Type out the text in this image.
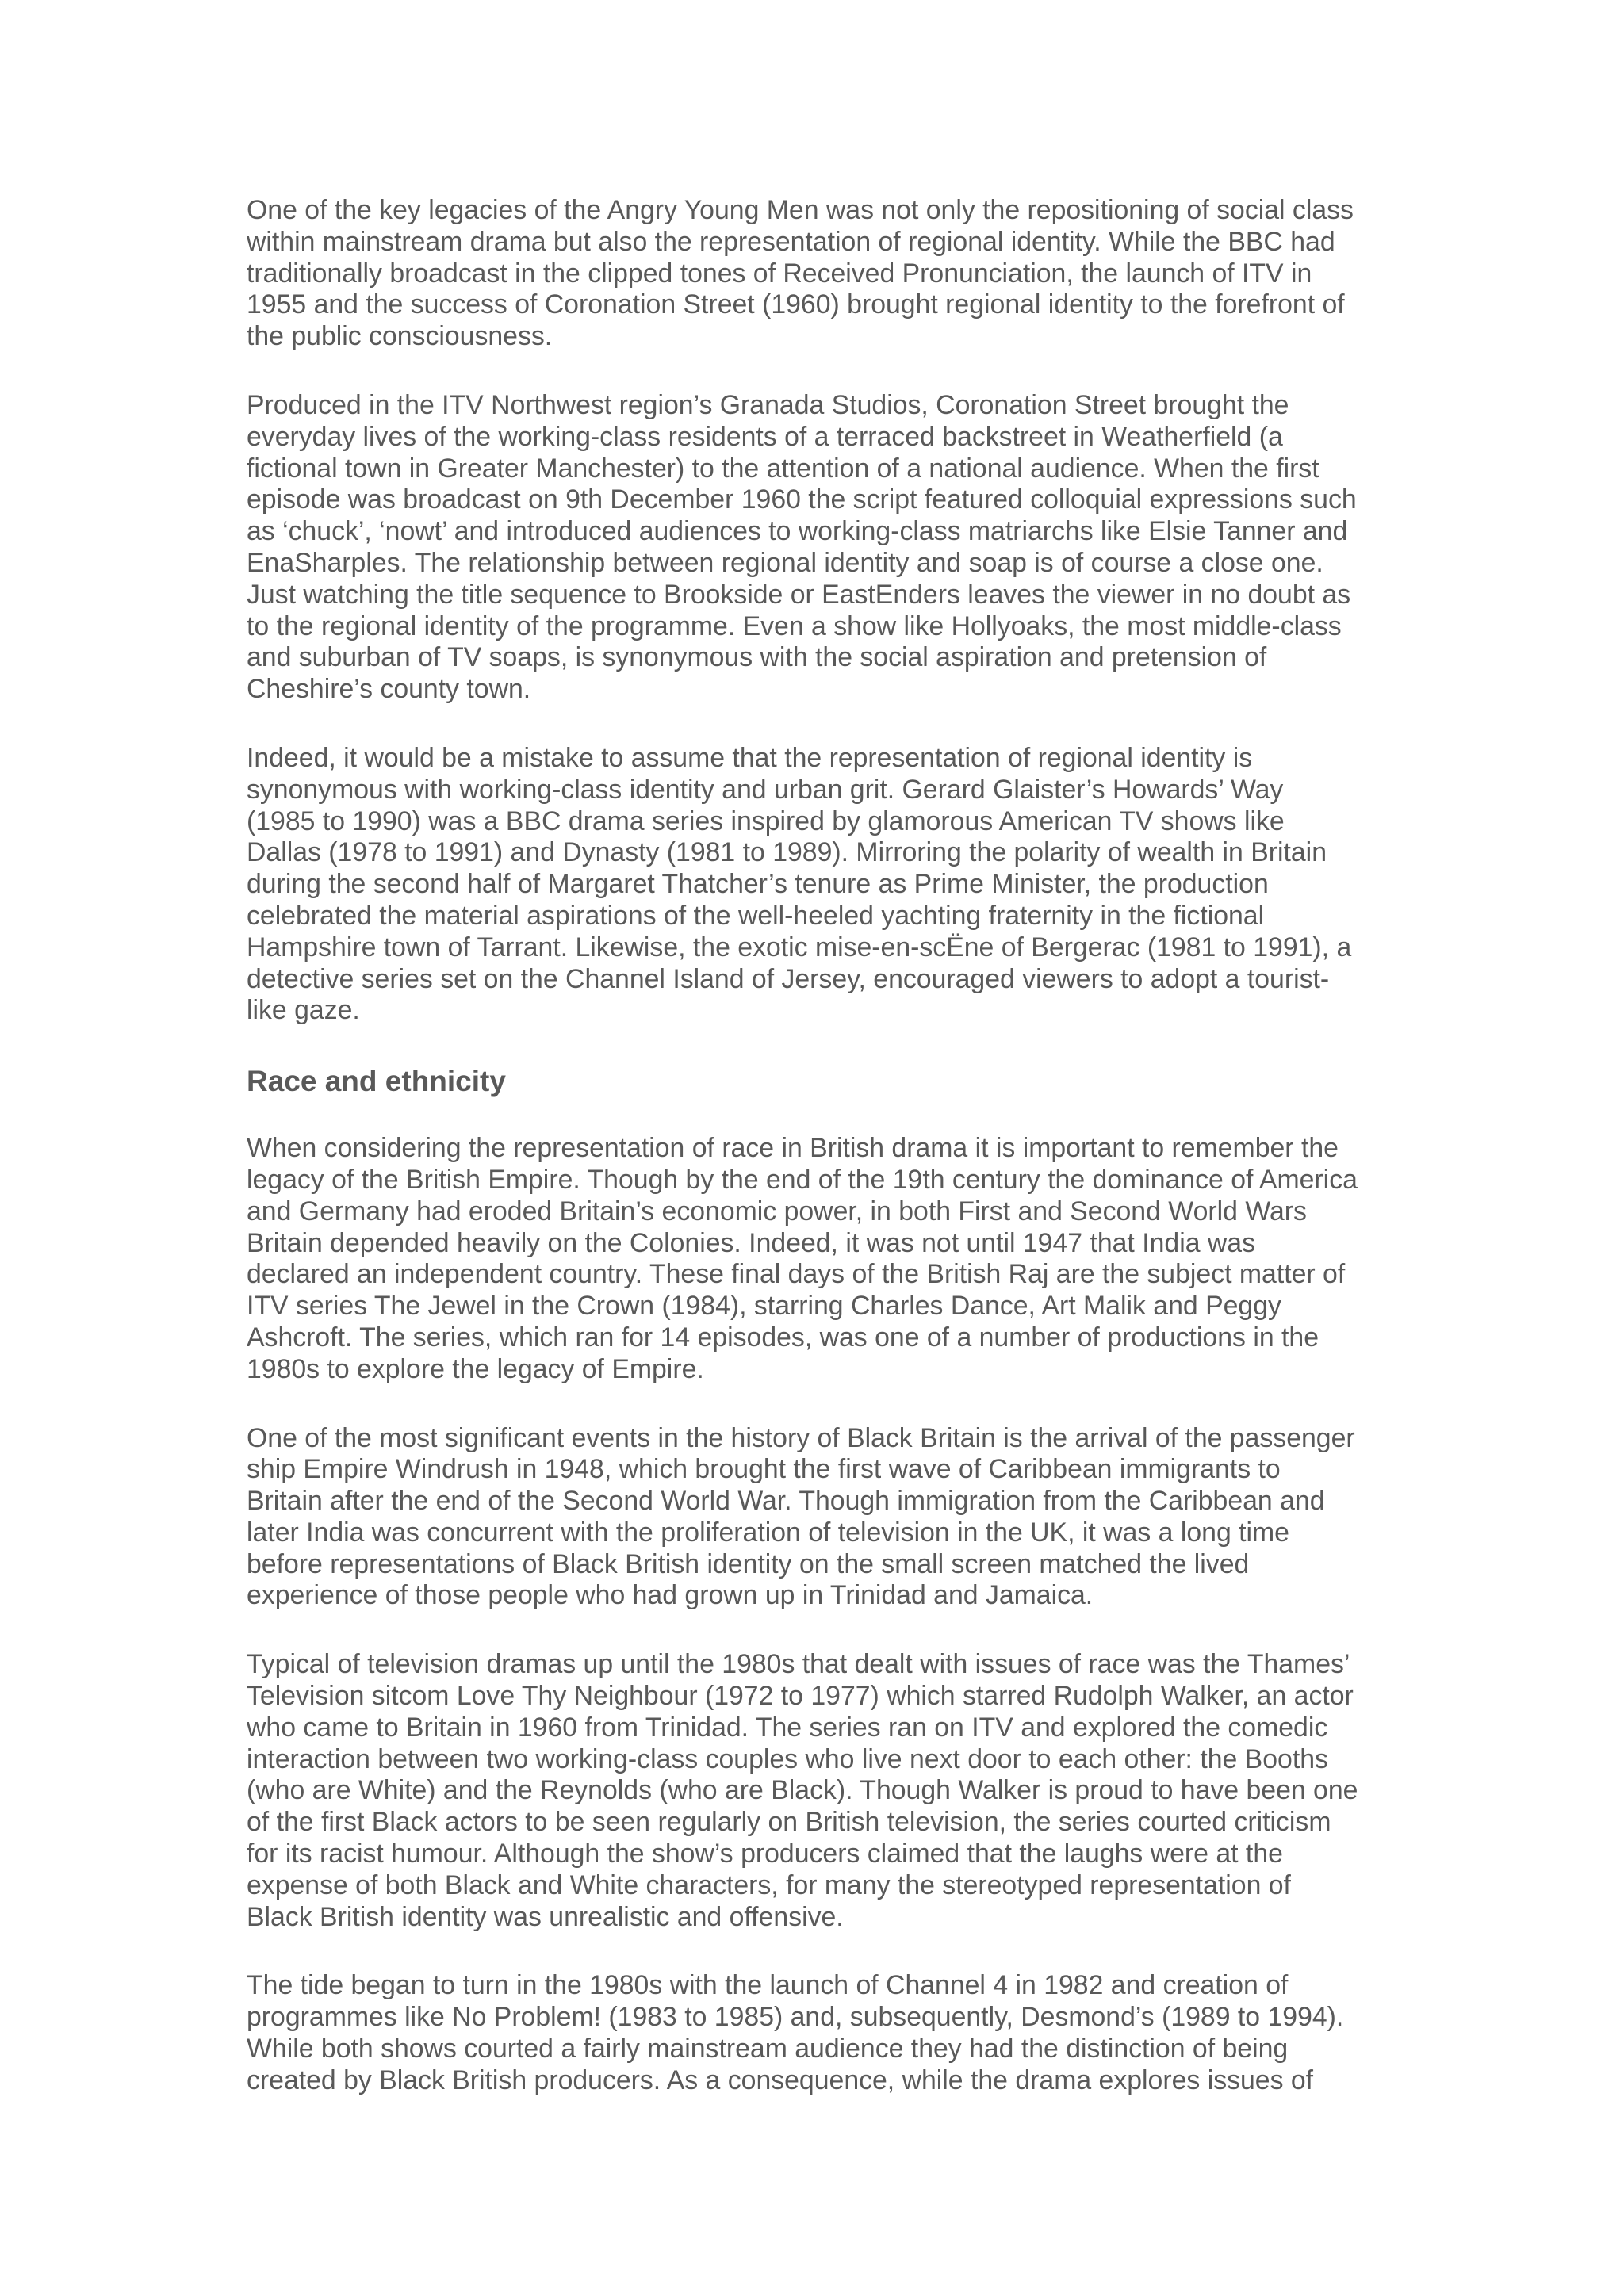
One of the key legacies of the Angry Young Men was not only the repositioning of social class
within mainstream drama but also the representation of regional identity. While the BBC had
traditionally broadcast in the clipped tones of Received Pronunciation, the launch of ITV in
1955 and the success of Coronation Street (1960) brought regional identity to the forefront of
the public consciousness.
Produced in the ITV Northwest region’s Granada Studios, Coronation Street brought the
everyday lives of the working-class residents of a terraced backstreet in Weatherfield (a
fictional town in Greater Manchester) to the attention of a national audience. When the first
episode was broadcast on 9th December 1960 the script featured colloquial expressions such
as ‘chuck’, ‘nowt’ and introduced audiences to working-class matriarchs like Elsie Tanner and
EnaSharples. The relationship between regional identity and soap is of course a close one.
Just watching the title sequence to Brookside or EastEnders leaves the viewer in no doubt as
to the regional identity of the programme. Even a show like Hollyoaks, the most middle-class
and suburban of TV soaps, is synonymous with the social aspiration and pretension of
Cheshire’s county town.
Indeed, it would be a mistake to assume that the representation of regional identity is
synonymous with working-class identity and urban grit. Gerard Glaister’s Howards’ Way
(1985 to 1990) was a BBC drama series inspired by glamorous American TV shows like
Dallas (1978 to 1991) and Dynasty (1981 to 1989). Mirroring the polarity of wealth in Britain
during the second half of Margaret Thatcher’s tenure as Prime Minister, the production
celebrated the material aspirations of the well-heeled yachting fraternity in the fictional
Hampshire town of Tarrant. Likewise, the exotic mise-en-scËne of Bergerac (1981 to 1991), a
detective series set on the Channel Island of Jersey, encouraged viewers to adopt a tourist-
like gaze.
Race and ethnicity
When considering the representation of race in British drama it is important to remember the
legacy of the British Empire. Though by the end of the 19th century the dominance of America
and Germany had eroded Britain’s economic power, in both First and Second World Wars
Britain depended heavily on the Colonies. Indeed, it was not until 1947 that India was
declared an independent country. These final days of the British Raj are the subject matter of
ITV series The Jewel in the Crown (1984), starring Charles Dance, Art Malik and Peggy
Ashcroft. The series, which ran for 14 episodes, was one of a number of productions in the
1980s to explore the legacy of Empire.
One of the most significant events in the history of Black Britain is the arrival of the passenger
ship Empire Windrush in 1948, which brought the first wave of Caribbean immigrants to
Britain after the end of the Second World War. Though immigration from the Caribbean and
later India was concurrent with the proliferation of television in the UK, it was a long time
before representations of Black British identity on the small screen matched the lived
experience of those people who had grown up in Trinidad and Jamaica.
Typical of television dramas up until the 1980s that dealt with issues of race was the Thames’
Television sitcom Love Thy Neighbour (1972 to 1977) which starred Rudolph Walker, an actor
who came to Britain in 1960 from Trinidad. The series ran on ITV and explored the comedic
interaction between two working-class couples who live next door to each other: the Booths
(who are White) and the Reynolds (who are Black). Though Walker is proud to have been one
of the first Black actors to be seen regularly on British television, the series courted criticism
for its racist humour. Although the show’s producers claimed that the laughs were at the
expense of both Black and White characters, for many the stereotyped representation of
Black British identity was unrealistic and offensive.
The tide began to turn in the 1980s with the launch of Channel 4 in 1982 and creation of
programmes like No Problem! (1983 to 1985) and, subsequently, Desmond’s (1989 to 1994).
While both shows courted a fairly mainstream audience they had the distinction of being
created by Black British producers. As a consequence, while the drama explores issues of
